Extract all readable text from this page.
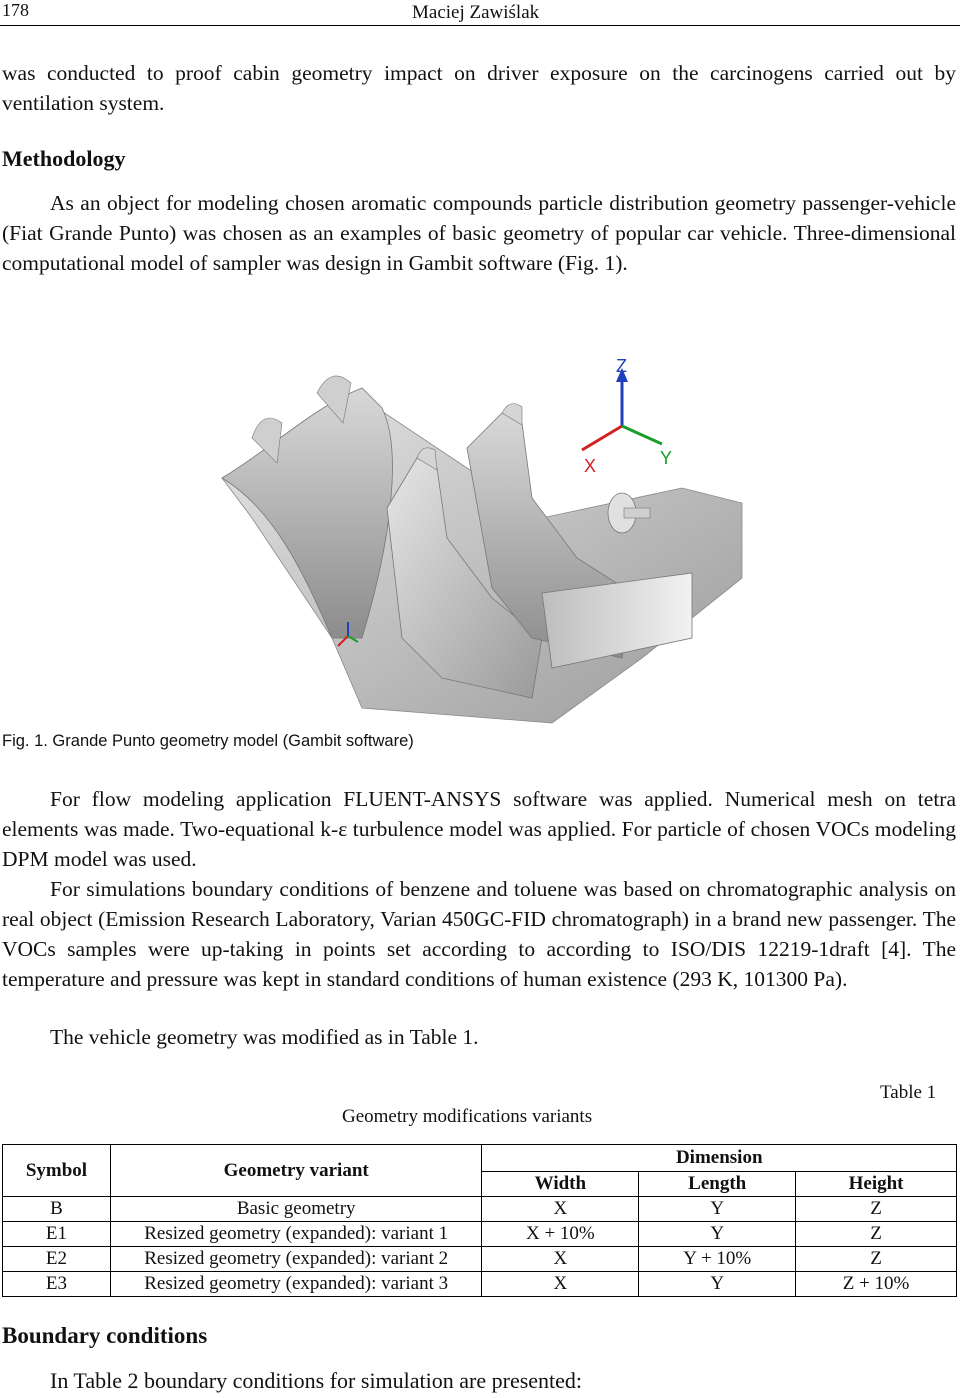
178	Maciej Zawiślak

was conducted to proof cabin geometry impact on driver exposure on the carcinogens carried out by ventilation system.

Methodology

As an object for modeling chosen aromatic compounds particle distribution geometry passenger-vehicle (Fiat Grande Punto) was chosen as an examples of basic geometry of popular car vehicle. Three-dimensional computational model of sampler was design in Gambit software (Fig. 1).

Z
X	Y
Fig. 1. Grande Punto geometry model (Gambit software)

For flow modeling application FLUENT-ANSYS software was applied. Numerical mesh on tetra elements was made. Two-equational k-ε turbulence model was applied. For particle of chosen VOCs modeling DPM model was used.

For simulations boundary conditions of benzene and toluene was based on chromatographic analysis on real object (Emission Research Laboratory, Varian 450GC-FID chromatograph) in a brand new passenger. The VOCs samples were up-taking in points set according to according to ISO/DIS 12219-1draft [4]. The temperature and pressure was kept in standard conditions of human existence (293 K, 101300 Pa).

The vehicle geometry was modified as in Table 1.

Table 1
Geometry modifications variants
Symbol	Geometry variant	Dimension		
		Width	Length	Height
B	Basic geometry	X	Y	Z
E1	Resized geometry (expanded): variant 1	X + 10%	Y	Z
E2	Resized geometry (expanded): variant 2	X	Y + 10%	Z
E3	Resized geometry (expanded): variant 3	X	Y	Z + 10%
Boundary conditions
In Table 2 boundary conditions for simulation are presented:
